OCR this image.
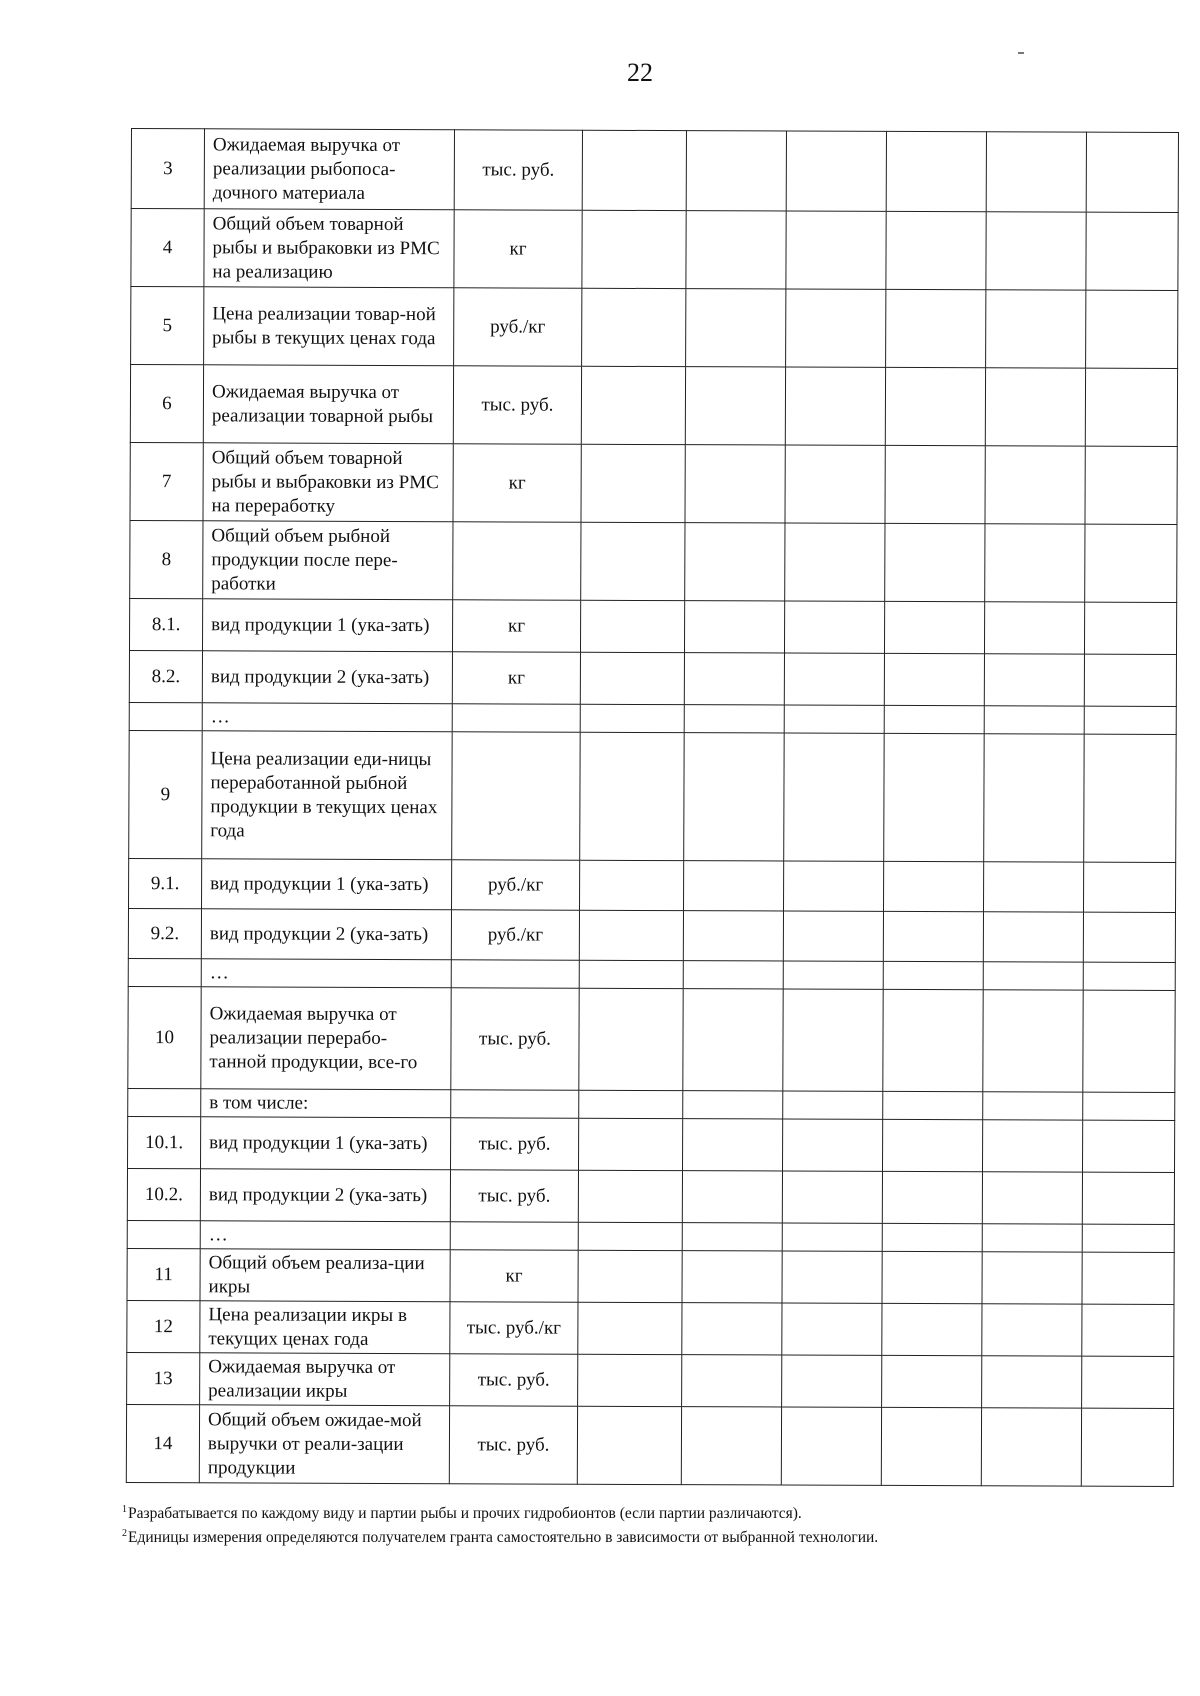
22
3	Ожидаемая выручка от реализации рыбопоса-дочного материала	тыс. руб.						
4	Общий объем товарной рыбы и выбраковки из РМС на реализацию	кг						
5	Цена реализации товар-ной рыбы в текущих ценах года	руб./кг						
6	Ожидаемая выручка от реализации товарной рыбы	тыс. руб.						
7	Общий объем товарной рыбы и выбраковки из РМС на переработку	кг						
8	Общий объем рыбной продукции после пере-работки							
8.1.	вид продукции 1 (ука-зать)	кг						
8.2.	вид продукции 2 (ука-зать)	кг						
	…							
9	Цена реализации еди-ницы переработанной рыбной продукции в текущих ценах года							
9.1.	вид продукции 1 (ука-зать)	руб./кг						
9.2.	вид продукции 2 (ука-зать)	руб./кг						
	…							
10	Ожидаемая выручка от реализации перерабо-танной продукции, все-го	тыс. руб.						
	в том числе:							
10.1.	вид продукции 1 (ука-зать)	тыс. руб.						
10.2.	вид продукции 2 (ука-зать)	тыс. руб.						
	…							
11	Общий объем реализа-ции икры	кг						
12	Цена реализации икры в текущих ценах года	тыс. руб./кг						
13	Ожидаемая выручка от реализации икры	тыс. руб.						
14	Общий объем ожидае-мой выручки от реали-зации продукции	тыс. руб.						
$^1$Разрабатывается по каждому виду и партии рыбы и прочих гидробионтов (если партии различаются).
$^2$Единицы измерения определяются получателем гранта самостоятельно в зависимости от выбранной технологии.
